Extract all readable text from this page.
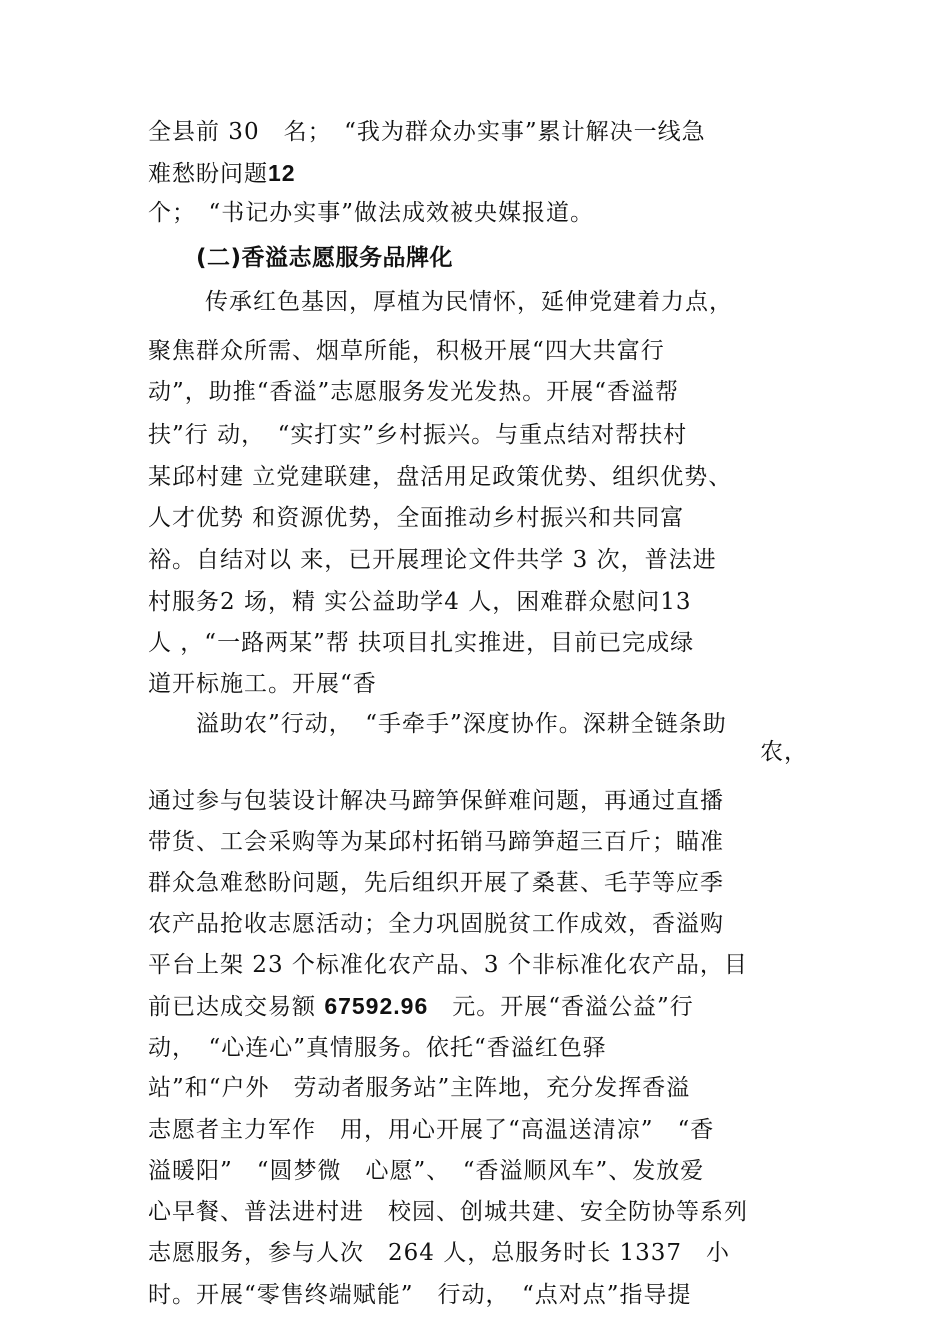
全县前 30　名；　“我为群众办实事”累计解决一线急
难愁盼问题12
个；　“书记办实事”做法成效被央媒报道。
(二)香溢志愿服务品牌化
传承红色基因，厚植为民情怀，延伸党建着力点，
聚焦群众所需、烟草所能，积极开展“四大共富行
动”，助推“香溢”志愿服务发光发热。开展“香溢帮
扶”行 动，　“实打实”乡村振兴。与重点结对帮扶村
某邱村建 立党建联建，盘活用足政策优势、组织优势、
人才优势 和资源优势，全面推动乡村振兴和共同富
裕。自结对以 来，已开展理论文件共学 3 次，普法进
村服务2 场，精 实公益助学4 人，困难群众慰问13
人 ，“一路两某”帮 扶项目扎实推进，目前已完成绿
道开标施工。开展“香
溢助农”行动，　“手牵手”深度协作。深耕全链条助
农，
通过参与包装设计解决马蹄笋保鲜难问题，再通过直播
带货、工会采购等为某邱村拓销马蹄笋超三百斤；瞄准
群众急难愁盼问题，先后组织开展了桑葚、毛芋等应季
农产品抢收志愿活动；全力巩固脱贫工作成效，香溢购
平台上架 23 个标准化农产品、3 个非标准化农产品，目
前已达成交易额 67592.96　元。开展“香溢公益”行
动，　“心连心”真情服务。依托“香溢红色驿
站”和“户外　劳动者服务站”主阵地，充分发挥香溢
志愿者主力军作　用，用心开展了“高温送清凉”　“香
溢暖阳”　“圆梦微　心愿”、　“香溢顺风车”、发放爱
心早餐、普法进村进　校园、创城共建、安全防协等系列
志愿服务，参与人次　264 人，总服务时长 1337　小
时。开展“零售终端赋能”　行动，　“点对点”指导提
